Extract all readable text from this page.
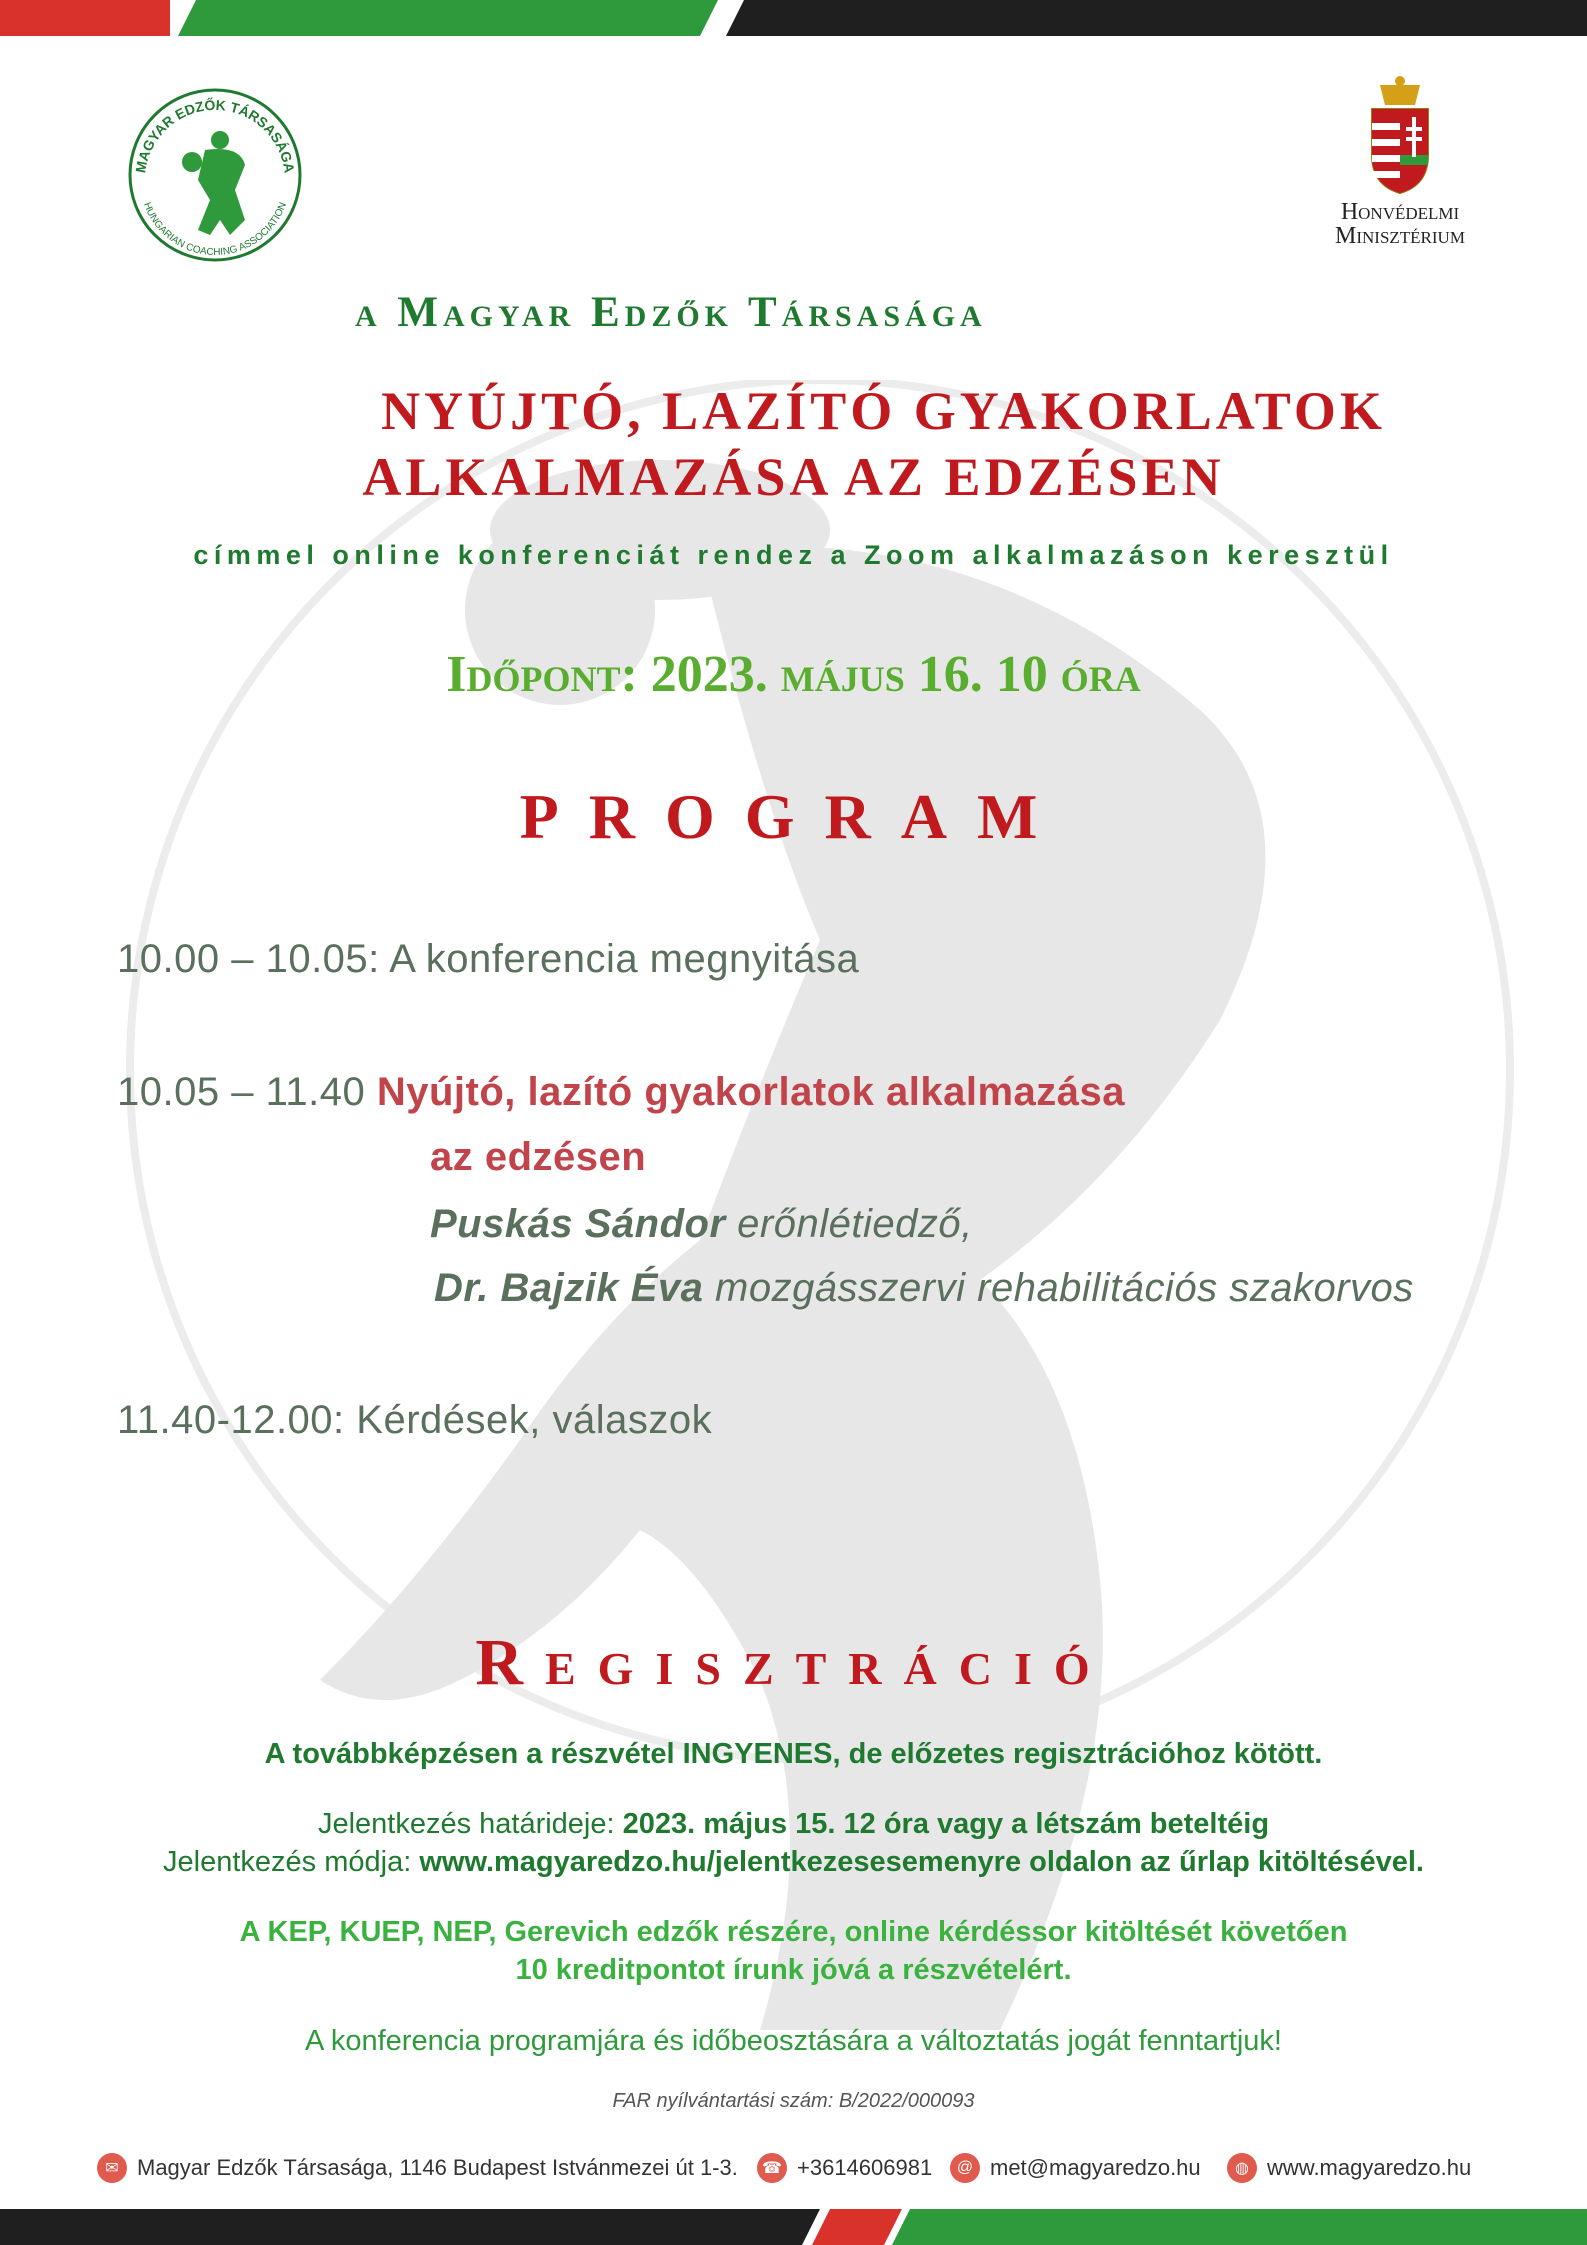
MAGYAR EDZŐK TÁRSASÁGA
HUNGARIAN COACHING ASSOCIATION	Honvédelmi
Minisztérium
a Magyar Edzők Társasága
NYÚJTÓ, LAZÍTÓ GYAKORLATOK
ALKALMAZÁSA AZ EDZÉSEN
címmel online konferenciát rendez a Zoom alkalmazáson keresztül
Időpont: 2023. május 16. 10 óra
PROGRAM
10.00 – 10.05: A konferencia megnyitása
10.05 – 11.40 Nyújtó, lazító gyakorlatok alkalmazása
az edzésen
Puskás Sándor erőnlétiedző,
Dr. Bajzik Éva mozgásszervi rehabilitációs szakorvos
11.40-12.00: Kérdések, válaszok
Regisztráció
A továbbképzésen a részvétel INGYENES, de előzetes regisztrációhoz kötött.
Jelentkezés határideje: 2023. május 15. 12 óra vagy a létszám beteltéig
Jelentkezés módja: www.magyaredzo.hu/jelentkezesesemenyre oldalon az űrlap kitöltésével.
A KEP, KUEP, NEP, Gerevich edzők részére, online kérdéssor kitöltését követően
10 kreditpontot írunk jóvá a részvételért.
A konferencia programjára és időbeosztására a változtatás jogát fenntartjuk!
FAR nyílvántartási szám: B/2022/000093
✉ Magyar Edzők Társasága, 1146 Budapest Istvánmezei út 1-3.	☎ +3614606981	@ met@magyaredzo.hu	◍ www.magyaredzo.hu
